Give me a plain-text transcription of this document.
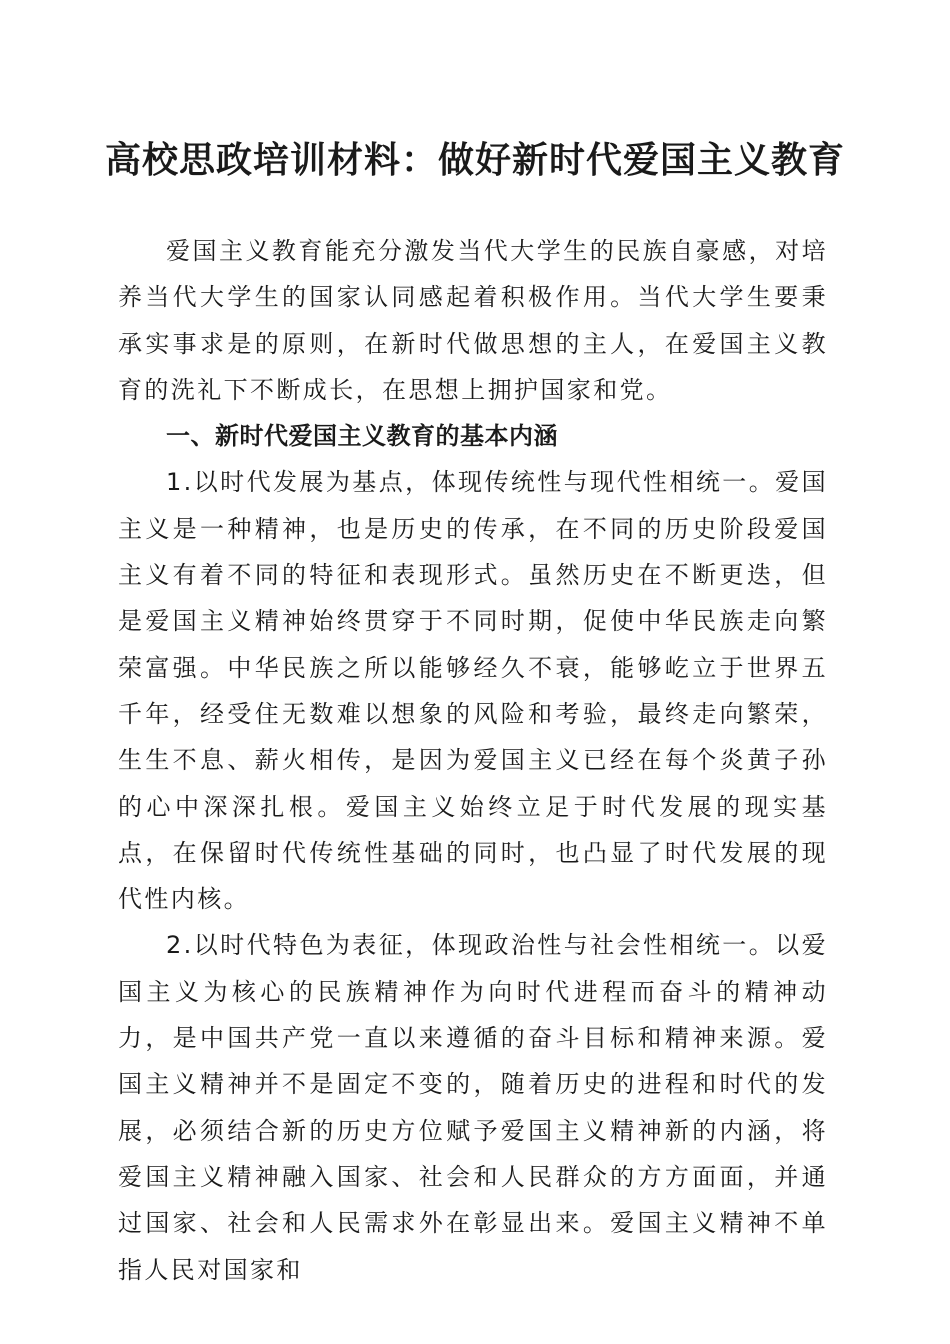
高校思政培训材料：做好新时代爱国主义教育

爱国主义教育能充分激发当代大学生的民族自豪感，对培养当代大学生的国家认同感起着积极作用。当代大学生要秉承实事求是的原则，在新时代做思想的主人，在爱国主义教育的洗礼下不断成长，在思想上拥护国家和党。

一、新时代爱国主义教育的基本内涵

1.以时代发展为基点，体现传统性与现代性相统一。爱国主义是一种精神，也是历史的传承，在不同的历史阶段爱国主义有着不同的特征和表现形式。虽然历史在不断更迭，但是爱国主义精神始终贯穿于不同时期，促使中华民族走向繁荣富强。中华民族之所以能够经久不衰，能够屹立于世界五千年，经受住无数难以想象的风险和考验，最终走向繁荣，生生不息、薪火相传，是因为爱国主义已经在每个炎黄子孙的心中深深扎根。爱国主义始终立足于时代发展的现实基点，在保留时代传统性基础的同时，也凸显了时代发展的现代性内核。

2.以时代特色为表征，体现政治性与社会性相统一。以爱国主义为核心的民族精神作为向时代进程而奋斗的精神动力，是中国共产党一直以来遵循的奋斗目标和精神来源。爱国主义精神并不是固定不变的，随着历史的进程和时代的发展，必须结合新的历史方位赋予爱国主义精神新的内涵，将爱国主义精神融入国家、社会和人民群众的方方面面，并通过国家、社会和人民需求外在彰显出来。爱国主义精神不单指人民对国家和
